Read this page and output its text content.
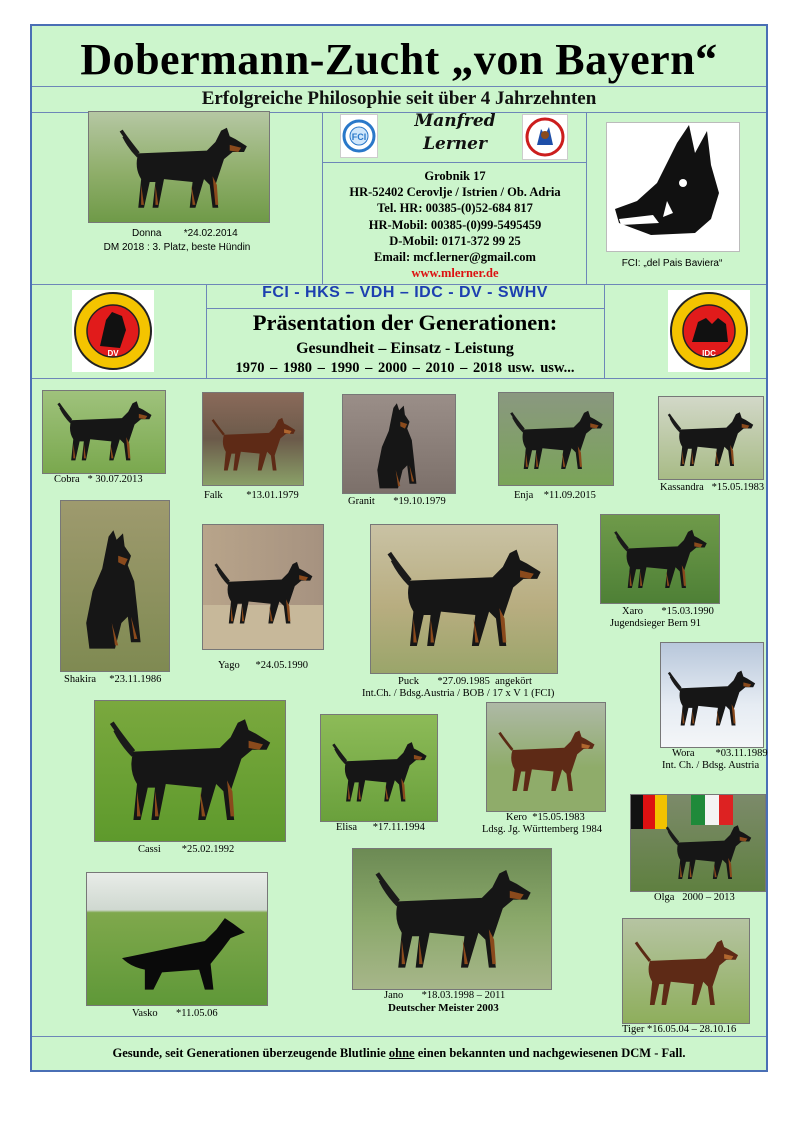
Dobermann-Zucht „von Bayern“
Erfolgreiche Philosophie seit über 4 Jahrzehnten
Donna *24.02.2014
DM 2018 : 3. Platz, beste Hündin
FCI
Manfred
Lerner
Grobnik 17
HR-52402 Cerovlje / Istrien / Ob. Adria
Tel. HR: 00385-(0)52-684 817
HR-Mobil: 00385-(0)99-5495459
D-Mobil: 0171-372 99 25
Email: mcf.lerner@gmail.com
www.mlerner.de
FCI: „del Pais Baviera“
DV
FCI - HKS – VDH – IDC - DV - SWHV
Präsentation der Generationen:
Gesundheit – Einsatz - Leistung
1970 – 1980 – 1990 – 2000 – 2010 – 2018 usw. usw...
IDC
Cobra * 30.07.2013
Falk *13.01.1979
Granit *19.10.1979
Enja *11.09.2015
Kassandra *15.05.1983
Shakira *23.11.1986
Yago *24.05.1990
Puck *27.09.1985 angekört
Int.Ch. / Bdsg.Austria / BOB / 17 x V 1 (FCI)
Xaro *15.03.1990
Jugendsieger Bern 91
Wora *03.11.1989
Int. Ch. / Bdsg. Austria
Cassi *25.02.1992
Elisa *17.11.1994
Kero *15.05.1983
Ldsg. Jg. Württemberg 1984
Olga 2000 – 2013
Vasko *11.05.06
Jano *18.03.1998 – 2011
Deutscher Meister 2003
Tiger *16.05.04 – 28.10.16
Gesunde, seit Generationen überzeugende Blutlinie ohne einen bekannten und nachgewiesenen DCM - Fall.
